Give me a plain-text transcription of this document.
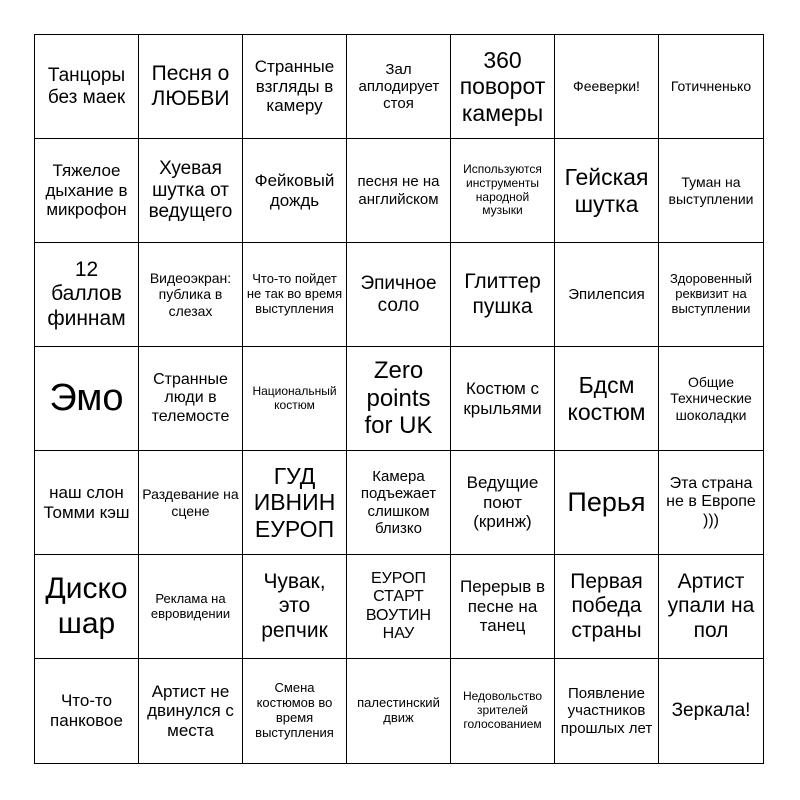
Танцоры без маек
Песня о ЛЮБВИ
Странные взгляды в камеру
Зал аплодирует стоя
360 поворот камеры
Фееверки! Готичненько
Тяжелое дыхание в микрофон
Хуевая шутка от ведущего
Фейковый дождь
песня не на английском
Используются инструменты народной музыки
Гейская шутка
Туман на выступлении
12 баллов финнам
Видеоэкран: публика в слезах
Что-то пойдет не так во время выступления
Эпичное соло
Глиттер пушка
Эпилепсия
Здоровенный реквизит на выступлении
Эмо	Странные люди в телемосте
Национальный костюм
Zero points for UK
Костюм с крыльями
Бдсм костюм
Общие Технические шоколадки
наш слон Томми кэш
Раздевание на сцене
ГУД ИВНИН ЕУРОП
Камера подъежает слишком близко
Ведущие поют (кринж)
Перья
Эта страна не в Европе )))
Диско шар
Реклама на евровидении
Чувак, это репчик
ЕУРОП СТАРТ ВОУТИН НАУ
Перерыв в песне на танец
Первая победа страны
Артист упали на пол
Что-то панковое
Артист не двинулся с места
Смена костюмов во время выступления
палестинский движ
Недовольство зрителей голосованием
Появление участников прошлых лет
Зеркала!
